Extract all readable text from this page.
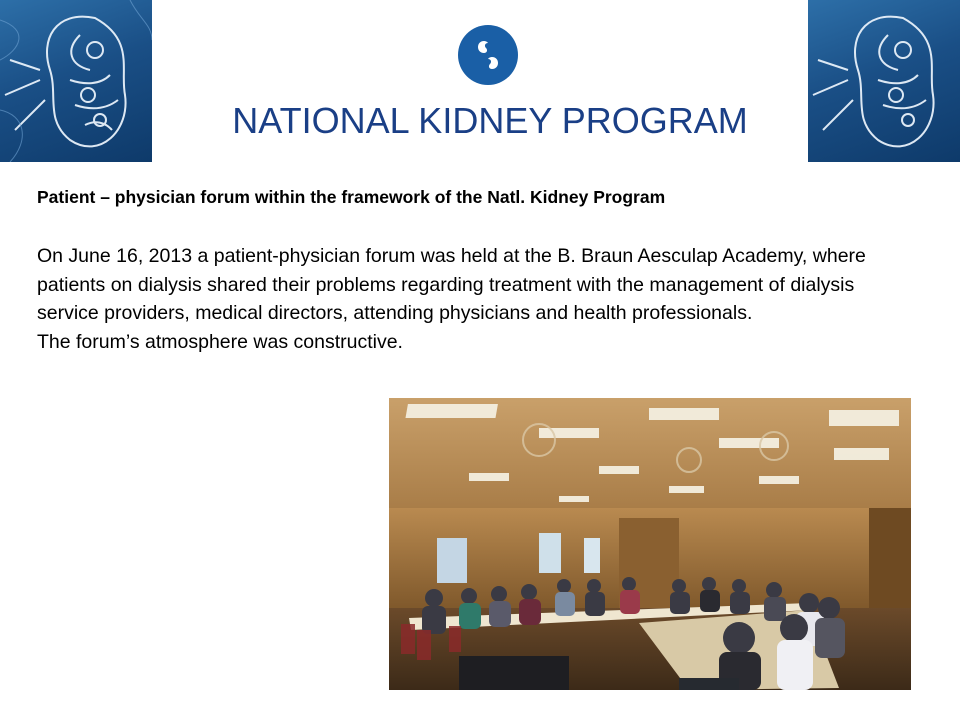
NATIONAL KIDNEY PROGRAM
Patient – physician forum within the framework of the Natl. Kidney Program

On June 16, 2013 a patient-physician forum was held at the B. Braun Aesculap Academy, where patients on dialysis shared their problems regarding treatment with the management of dialysis service providers, medical directors, attending physicians and health professionals.

The forum’s atmosphere was constructive.
